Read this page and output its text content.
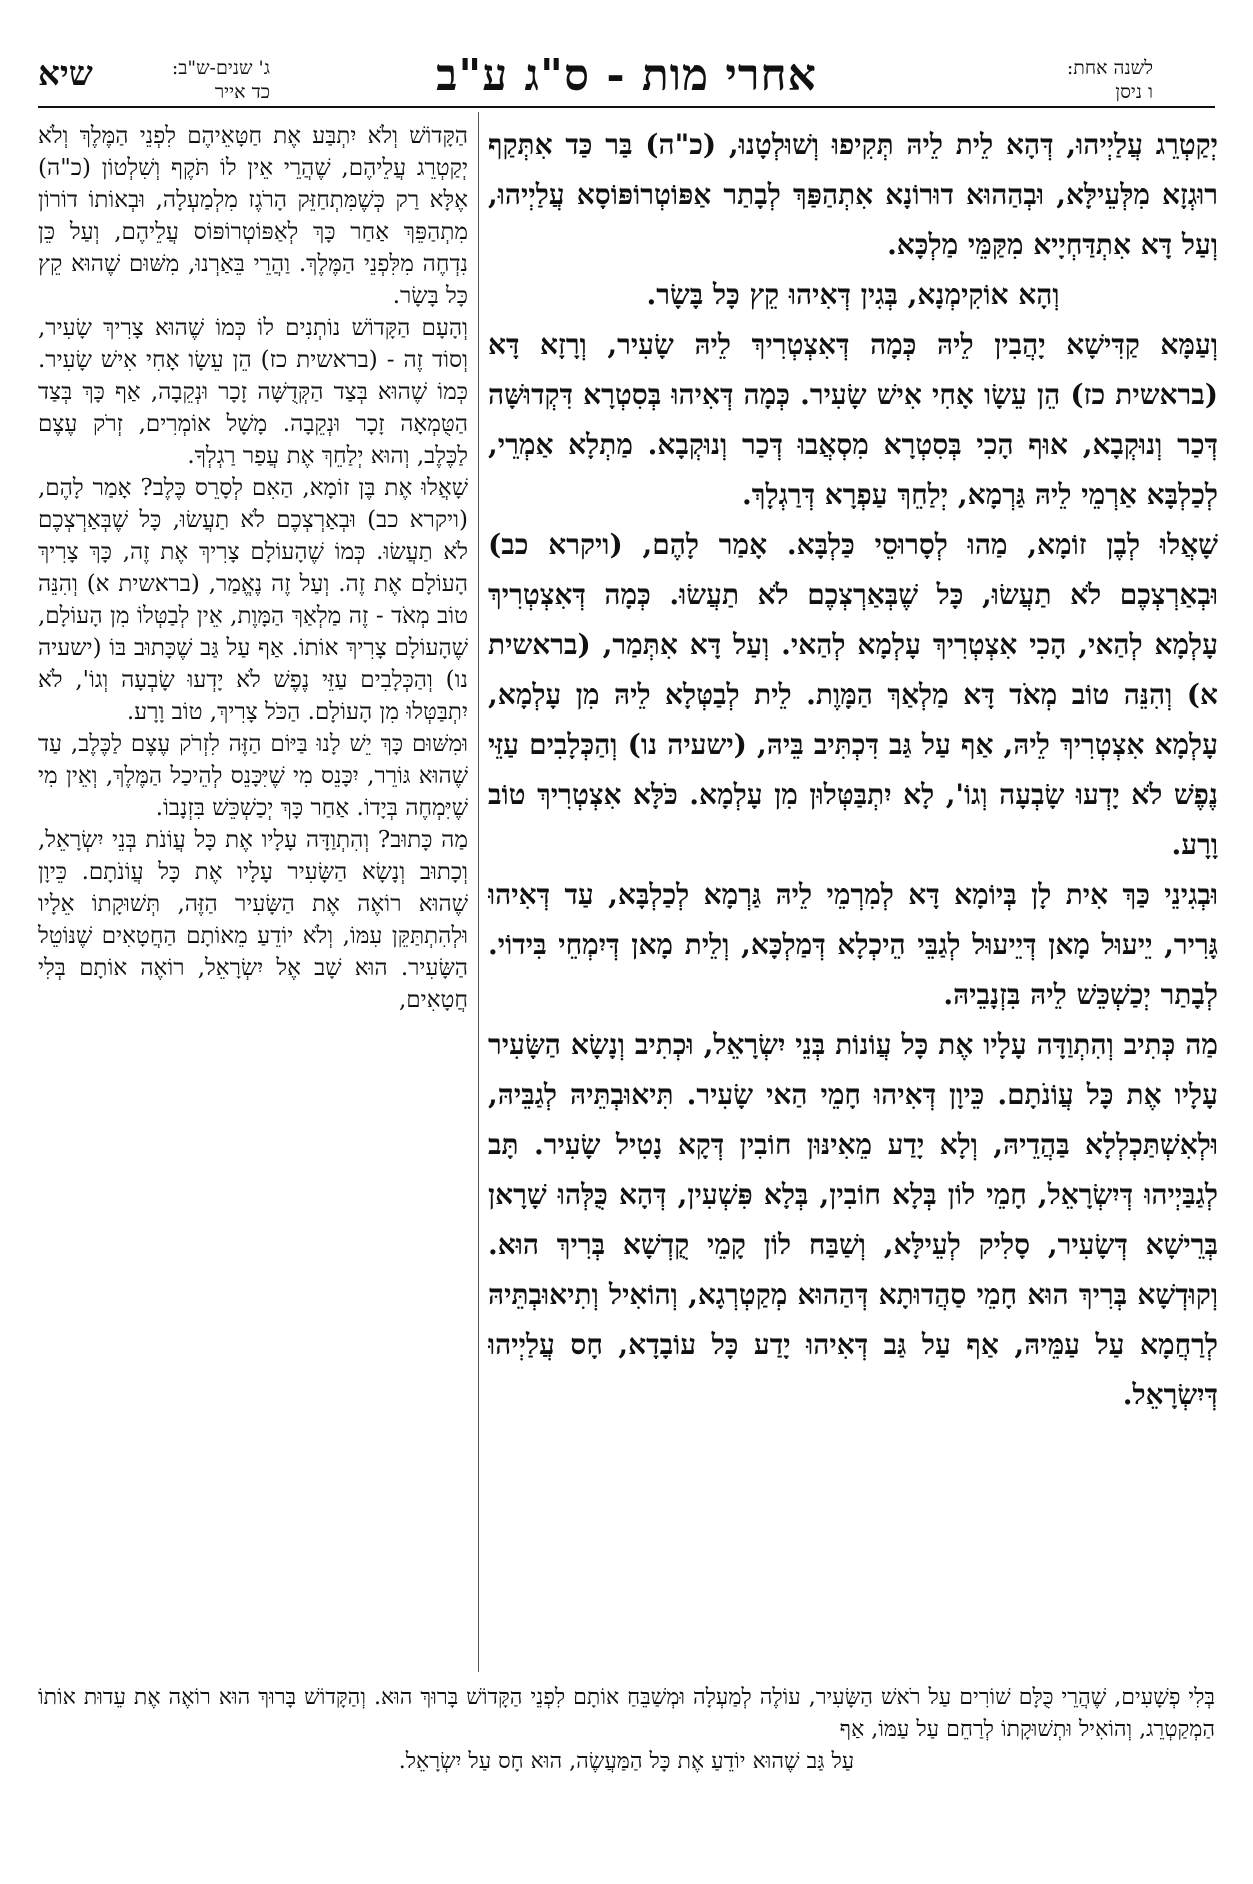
לשנה אחת:
ו ניסן
אחרי מות - ס"ג ע"ב
ג' שנים-ש"ב:
כד אייר
שיא

יְקַטְרֵג עֲלַיְיהוּ, דְּהָא לֵית לֵיהּ תְּקִיפוּ וְשׁוּלְטָנוּ, (כ"ה) בַּר כַּד אִתְּקַף רוּגְזָא מִלְּעֵילָּא, וּבְהַהוּא דוּרוֹנָא אִתְהַפַּךְ לְבָתַר אַפּוֹטְרוֹפּוֹסָא עֲלַיְיהוּ, וְעַל דָּא אִתְדַּחְיָיא מִקַּמֵּי מַלְכָּא.

וְהָא אוֹקִימְנָא, בְּגִין דְּאִיהוּ קֵץ כָּל בָּשָׂר.

וְעַמָּא קַדִּישָׁא יָהֲבִין לֵיהּ כְּמָה דְּאִצְטְרִיךְ לֵיהּ שָׂעִיר, וְרָזָא דָּא (בראשית כז) הֵן עֵשָׂו אָחִי אִישׁ שָׂעִיר. כְּמָה דְּאִיהוּ בְּסִטְרָא דִּקְדוּשָּׁה דְּכַר וְנוּקְבָא, אוּף הָכִי בְּסִטְרָא מִסְאֲבוּ דְּכַר וְנוּקְבָא. מַתְלָא אַמְרֵי, לְכַלְבָּא אַרְמֵי לֵיהּ גַּרְמָא, יְלַחֵךְ עַפְרָא דְּרַגְלָךְ.

שָׁאֲלוּ לְבֶן זוֹמָא, מַהוּ לְסָרוּסֵי כַּלְבָּא. אָמַר לָהֶם, (ויקרא כב) וּבְאַרְצְכֶם לֹא תַעֲשׂוּ, כָּל שֶׁבְּאַרְצְכֶם לֹא תַעֲשׂוּ. כְּמָה דְּאִצְטְרִיךְ עָלְמָא לְהַאי, הָכִי אִצְטְרִיךְ עָלְמָא לְהַאי. וְעַל דָּא אִתְּמַר, (בראשית א) וְהִנֵּה טוֹב מְאֹד דָּא מַלְאַךְ הַמָּוֶת. לֵית לְבַטְּלָא לֵיהּ מִן עָלְמָא, עָלְמָא אִצְטְרִיךְ לֵיהּ, אַף עַל גַּב דִּכְתִּיב בֵּיהּ, (ישעיה נו) וְהַכְּלָבִים עַזֵּי נֶפֶשׁ לֹא יָדְעוּ שָׂבְעָה וְגוֹ', לָא יִתְבַּטְּלוּן מִן עָלְמָא. כֹּלָּא אִצְטְרִיךְ טוֹב וָרָע.

וּבְגִינֵי כַּךְ אִית לָן בְּיוֹמָא דָּא לְמִרְמֵי לֵיהּ גַּרְמָא לְכַלְבָּא, עַד דְּאִיהוּ גָּרִיר, יֵיעוּל מָאן דְּיֵיעוּל לְגַבֵּי הֵיכְלָא דְּמַלְכָּא, וְלֵית מָאן דְּיִמְחֵי בִּידוֹי. לְבָתַר יְכַשְׁכֵּשׁ לֵיהּ בִּזְנָבֵיהּ.

מַה כְּתִיב וְהִתְוַדָּה עָלָיו אֶת כָּל עֲוֹנוֹת בְּנֵי יִשְׂרָאֵל, וּכְתִיב וְנָשָׂא הַשָּׂעִיר עָלָיו אֶת כָּל עֲוֹנֹתָם. כֵּיוָן דְּאִיהוּ חָמֵי הַאי שָׂעִיר. תִּיאוּבְתֵּיהּ לְגַבֵּיהּ, וּלְאִשְׁתַּכְלְלָא בַּהֲדֵיהּ, וְלָא יָדַע מֵאִינּוּן חוֹבִין דְּקָא נָטִיל שָׂעִיר. תָּב לְגַבַּיְיהוּ דְּיִשְׂרָאֵל, חָמֵי לוֹן בְּלָא חוֹבִין, בְּלָא פִּשְׁעִין, דְּהָא כֻּלְּהוּ שָׁרָאן בְּרֵישָׁא דְּשָׂעִיר, סָלִיק לְעֵילָּא, וְשַׁבַּח לוֹן קָמֵי קֻדְשָׁא בְּרִיךְ הוּא. וְקוּדְשָׁא בְּרִיךְ הוּא חָמֵי סַהֲדוּתָא דְּהַהוּא מְקַטְרְגָא, וְהוֹאִיל וְתִיאוּבְתֵּיהּ לְרַחֲמָא עַל עַמֵּיהּ, אַף עַל גַּב דְּאִיהוּ יָדַע כָּל עוֹבָדָא, חָס עֲלַיְיהוּ דְּיִשְׂרָאֵל.

הַקָּדוֹשׁ וְלֹא יִתְבַּע אֶת חַטָּאֵיהֶם לִפְנֵי הַמֶּלֶךְ וְלֹא יְקַטְרֵג עֲלֵיהֶם, שֶׁהֲרֵי אֵין לוֹ תֹּקֶף וְשִׁלְטוֹן (כ"ה) אֶלָּא רַק כְּשֶׁמִּתְחַזֵּק הָרֹגֶז מִלְמַעְלָה, וּבְאוֹתוֹ דוֹרוֹן מִתְהַפֵּךְ אַחַר כָּךְ לְאַפּוֹטְרוֹפּוֹס עֲלֵיהֶם, וְעַל כֵּן נִדְחֶה מִלִּפְנֵי הַמֶּלֶךְ. וַהֲרֵי בֵּאַרְנוּ, מִשּׁוּם שֶׁהוּא קֵץ כָּל בָּשָׂר.

וְהָעָם הַקָּדוֹשׁ נוֹתְנִים לוֹ כְּמוֹ שֶׁהוּא צָרִיךְ שָׂעִיר, וְסוֹד זֶה - (בראשית כז) הֵן עֵשָׂו אָחִי אִישׁ שָׂעִיר. כְּמוֹ שֶׁהוּא בְּצַד הַקְּדֻשָּׁה זָכָר וּנְקֵבָה, אַף כָּךְ בְּצַד הַטֻּמְאָה זָכָר וּנְקֵבָה. מָשָׁל אוֹמְרִים, זְרֹק עֶצֶם לַכֶּלֶב, וְהוּא יְלַחֵךְ אֶת עֲפַר רַגְלְךָ.

שָׁאֲלוּ אֶת בֶּן זוֹמָא, הַאִם לְסָרֵס כֶּלֶב? אָמַר לָהֶם, (ויקרא כב) וּבְאַרְצְכֶם לֹא תַעֲשׂוּ, כָּל שֶׁבְּאַרְצְכֶם לֹא תַעֲשׂוּ. כְּמוֹ שֶׁהָעוֹלָם צָרִיךְ אֶת זֶה, כָּךְ צָרִיךְ הָעוֹלָם אֶת זֶה. וְעַל זֶה נֶאֱמַר, (בראשית א) וְהִנֵּה טוֹב מְאֹד - זֶה מַלְאַךְ הַמָּוֶת, אֵין לְבַטְּלוֹ מִן הָעוֹלָם, שֶׁהָעוֹלָם צָרִיךְ אוֹתוֹ. אַף עַל גַּב שֶׁכָּתוּב בּוֹ (ישעיה נו) וְהַכְּלָבִים עַזֵּי נֶפֶשׁ לֹא יָדְעוּ שָׂבְעָה וְגוֹ', לֹא יִתְבַּטְּלוּ מִן הָעוֹלָם. הַכֹּל צָרִיךְ, טוֹב וָרָע.

וּמִשּׁוּם כָּךְ יֵשׁ לָנוּ בַּיּוֹם הַזֶּה לִזְרֹק עֶצֶם לַכֶּלֶב, עַד שֶׁהוּא גּוֹרֵר, יִכָּנֵס מִי שֶׁיִּכָּנֵס לְהֵיכַל הַמֶּלֶךְ, וְאֵין מִי שֶׁיִּמְחֶה בְּיָדוֹ. אַחַר כָּךְ יְכַשְׁכֵּשׁ בִּזְנָבוֹ.

מַה כָּתוּב? וְהִתְוַדָּה עָלָיו אֶת כָּל עֲוֹנֹת בְּנֵי יִשְׂרָאֵל, וְכָתוּב וְנָשָׂא הַשָּׂעִיר עָלָיו אֶת כָּל עֲוֹנֹתָם. כֵּיוָן שֶׁהוּא רוֹאֶה אֶת הַשָּׂעִיר הַזֶּה, תְּשׁוּקָתוֹ אֵלָיו וּלְהִתְתַּקֵּן עִמּוֹ, וְלֹא יוֹדֵעַ מֵאוֹתָם הַחֲטָאִים שֶׁנּוֹטֵל הַשָּׂעִיר. הוּא שָׁב אֶל יִשְׂרָאֵל, רוֹאֶה אוֹתָם בְּלִי חֲטָאִים,

בְּלִי פְשָׁעִים, שֶׁהֲרֵי כֻּלָּם שׁוֹרִים עַל רֹאשׁ הַשָּׂעִיר, עוֹלֶה לְמַעְלָה וּמְשַׁבֵּחַ אוֹתָם לִפְנֵי הַקָּדוֹשׁ בָּרוּךְ הוּא. וְהַקָּדוֹשׁ בָּרוּךְ הוּא רוֹאֶה אֶת עֵדוּת אוֹתוֹ הַמְקַטְרֵג, וְהוֹאִיל וּתְשׁוּקָתוֹ לְרַחֵם עַל עַמּוֹ, אַף

עַל גַּב שֶׁהוּא יוֹדֵעַ אֶת כָּל הַמַּעֲשֶׂה, הוּא חָס עַל יִשְׂרָאֵל.
